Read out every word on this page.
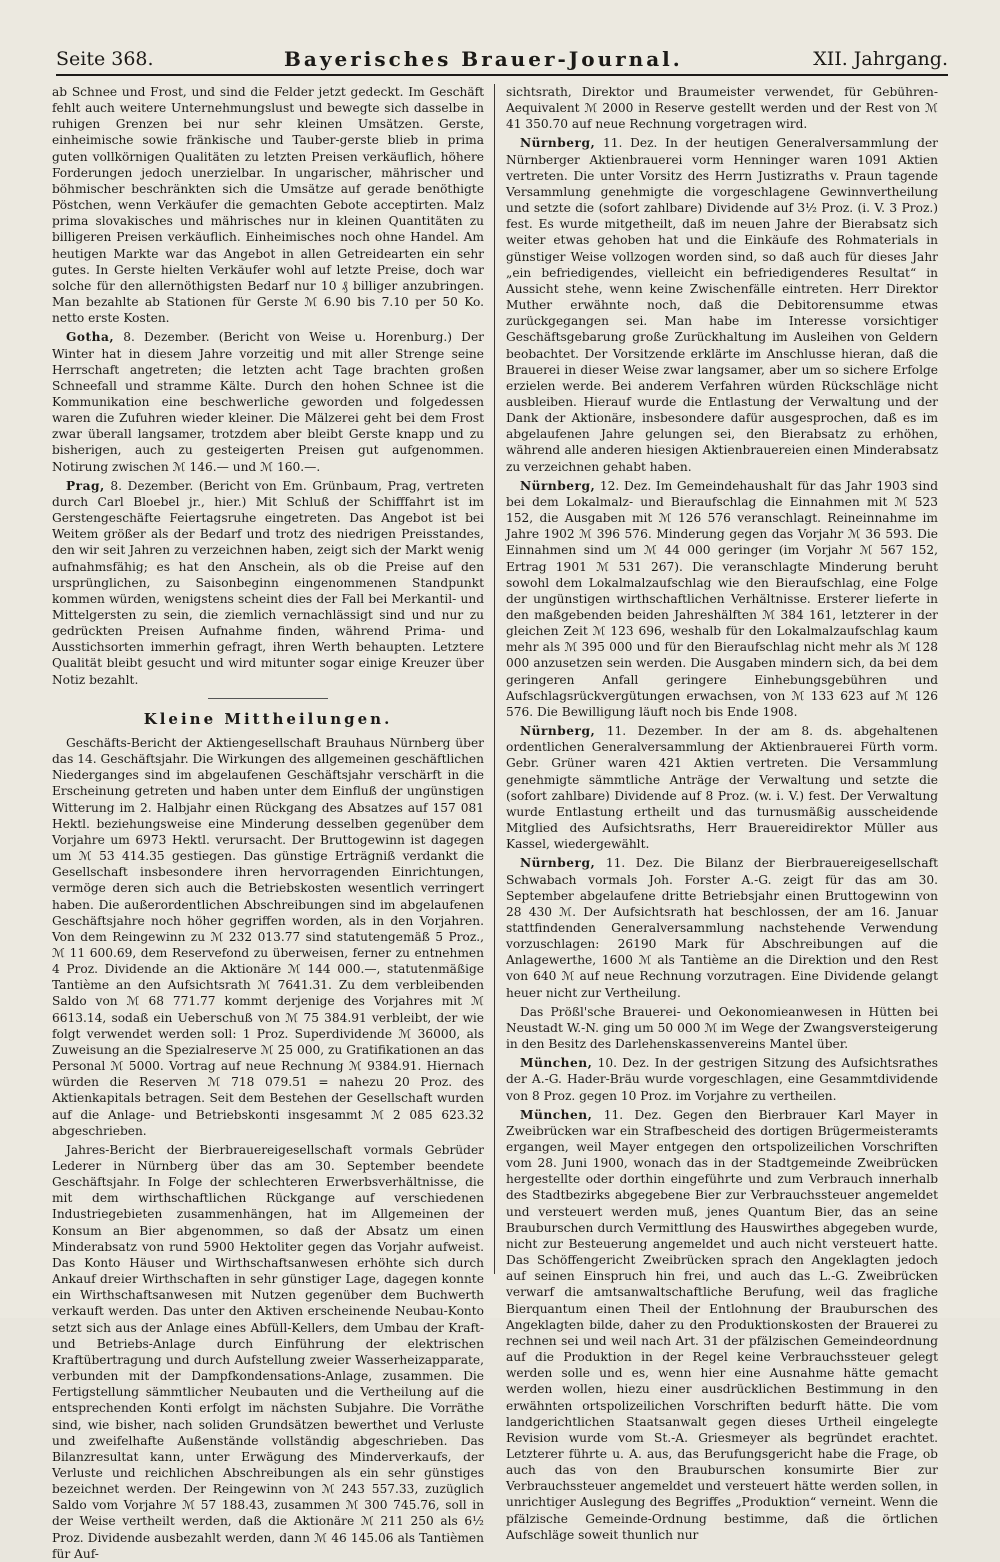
Seite 368.	Bayerisches Brauer-Journal.	XII. Jahrgang.

ab Schnee und Frost, und sind die Felder jetzt gedeckt. Im Geschäft fehlt auch weitere Unternehmungslust und bewegte sich dasselbe in ruhigen Grenzen bei nur sehr kleinen Umsätzen. Gerste, einheimische sowie fränkische und Tauber-gerste blieb in prima guten vollkörnigen Qualitäten zu letzten Preisen verkäuflich, höhere Forderungen jedoch unerzielbar. In ungarischer, mährischer und böhmischer beschränkten sich die Umsätze auf gerade benöthigte Pöstchen, wenn Verkäufer die gemachten Gebote acceptirten. Malz prima slovakisches und mährisches nur in kleinen Quantitäten zu billigeren Preisen verkäuflich. Einheimisches noch ohne Handel. Am heutigen Markte war das Angebot in allen Getreidearten ein sehr gutes. In Gerste hielten Verkäufer wohl auf letzte Preise, doch war solche für den allernöthigsten Bedarf nur 10 ₰ billiger anzubringen. Man bezahlte ab Stationen für Gerste ℳ 6.90 bis 7.10 per 50 Ko. netto erste Kosten.

Gotha, 8. Dezember. (Bericht von Weise u. Horenburg.) Der Winter hat in diesem Jahre vorzeitig und mit aller Strenge seine Herrschaft angetreten; die letzten acht Tage brachten großen Schneefall und stramme Kälte. Durch den hohen Schnee ist die Kommunikation eine beschwerliche geworden und folgedessen waren die Zufuhren wieder kleiner. Die Mälzerei geht bei dem Frost zwar überall langsamer, trotzdem aber bleibt Gerste knapp und zu bisherigen, auch zu gesteigerten Preisen gut aufgenommen. Notirung zwischen ℳ 146.— und ℳ 160.—.

Prag, 8. Dezember. (Bericht von Em. Grünbaum, Prag, vertreten durch Carl Bloebel jr., hier.) Mit Schluß der Schifffahrt ist im Gerstengeschäfte Feiertagsruhe eingetreten. Das Angebot ist bei Weitem größer als der Bedarf und trotz des niedrigen Preisstandes, den wir seit Jahren zu verzeichnen haben, zeigt sich der Markt wenig aufnahmsfähig; es hat den Anschein, als ob die Preise auf den ursprünglichen, zu Saisonbeginn eingenommenen Standpunkt kommen würden, wenigstens scheint dies der Fall bei Merkantil- und Mittelgersten zu sein, die ziemlich vernachlässigt sind und nur zu gedrückten Preisen Aufnahme finden, während Prima- und Ausstichsorten immerhin gefragt, ihren Werth behaupten. Letztere Qualität bleibt gesucht und wird mitunter sogar einige Kreuzer über Notiz bezahlt.

Kleine Mittheilungen.

Geschäfts-Bericht der Aktiengesellschaft Brauhaus Nürnberg über das 14. Geschäftsjahr. Die Wirkungen des allgemeinen geschäftlichen Niederganges sind im abgelaufenen Geschäftsjahr verschärft in die Erscheinung getreten und haben unter dem Einfluß der ungünstigen Witterung im 2. Halbjahr einen Rückgang des Absatzes auf 157 081 Hektl. beziehungsweise eine Minderung desselben gegenüber dem Vorjahre um 6973 Hektl. verursacht. Der Bruttogewinn ist dagegen um ℳ 53 414.35 gestiegen. Das günstige Erträgniß verdankt die Gesellschaft insbesondere ihren hervorragenden Einrichtungen, vermöge deren sich auch die Betriebskosten wesentlich verringert haben. Die außerordentlichen Abschreibungen sind im abgelaufenen Geschäftsjahre noch höher gegriffen worden, als in den Vorjahren. Von dem Reingewinn zu ℳ 232 013.77 sind statutengemäß 5 Proz., ℳ 11 600.69, dem Reservefond zu überweisen, ferner zu entnehmen 4 Proz. Dividende an die Aktionäre ℳ 144 000.—, statutenmäßige Tantième an den Aufsichtsrath ℳ 7641.31. Zu dem verbleibenden Saldo von ℳ 68 771.77 kommt derjenige des Vorjahres mit ℳ 6613.14, sodaß ein Ueberschuß von ℳ 75 384.91 verbleibt, der wie folgt verwendet werden soll: 1 Proz. Superdividende ℳ 36000, als Zuweisung an die Spezialreserve ℳ 25 000, zu Gratifikationen an das Personal ℳ 5000. Vortrag auf neue Rechnung ℳ 9384.91. Hiernach würden die Reserven ℳ 718 079.51 = nahezu 20 Proz. des Aktienkapitals betragen. Seit dem Bestehen der Gesellschaft wurden auf die Anlage- und Betriebskonti insgesammt ℳ 2 085 623.32 abgeschrieben.

Jahres-Bericht der Bierbrauereigesellschaft vormals Gebrüder Lederer in Nürnberg über das am 30. September beendete Geschäftsjahr. In Folge der schlechteren Erwerbsverhältnisse, die mit dem wirthschaftlichen Rückgange auf verschiedenen Industriegebieten zusammenhängen, hat im Allgemeinen der Konsum an Bier abgenommen, so daß der Absatz um einen Minderabsatz von rund 5900 Hektoliter gegen das Vorjahr aufweist. Das Konto Häuser und Wirthschaftsanwesen erhöhte sich durch Ankauf dreier Wirthschaften in sehr günstiger Lage, dagegen konnte ein Wirthschaftsanwesen mit Nutzen gegenüber dem Buchwerth verkauft werden. Das unter den Aktiven erscheinende Neubau-Konto setzt sich aus der Anlage eines Abfüll-Kellers, dem Umbau der Kraft- und Betriebs-Anlage durch Einführung der elektrischen Kraftübertragung und durch Aufstellung zweier Wasserheizapparate, verbunden mit der Dampfkondensations-Anlage, zusammen. Die Fertigstellung sämmtlicher Neubauten und die Vertheilung auf die entsprechenden Konti erfolgt im nächsten Subjahre. Die Vorräthe sind, wie bisher, nach soliden Grundsätzen bewerthet und Verluste und zweifelhafte Außenstände vollständig abgeschrieben. Das Bilanzresultat kann, unter Erwägung des Minderverkaufs, der Verluste und reichlichen Abschreibungen als ein sehr günstiges bezeichnet werden. Der Reingewinn von ℳ 243 557.33, zuzüglich Saldo vom Vorjahre ℳ 57 188.43, zusammen ℳ 300 745.76, soll in der Weise vertheilt werden, daß die Aktionäre ℳ 211 250 als 6½ Proz. Dividende ausbezahlt werden, dann ℳ 46 145.06 als Tantièmen für Auf-

sichtsrath, Direktor und Braumeister verwendet, für Gebühren-Aequivalent ℳ 2000 in Reserve gestellt werden und der Rest von ℳ 41 350.70 auf neue Rechnung vorgetragen wird.

Nürnberg, 11. Dez. In der heutigen Generalversammlung der Nürnberger Aktienbrauerei vorm Henninger waren 1091 Aktien vertreten. Die unter Vorsitz des Herrn Justizraths v. Praun tagende Versammlung genehmigte die vorgeschlagene Gewinnvertheilung und setzte die (sofort zahlbare) Dividende auf 3½ Proz. (i. V. 3 Proz.) fest. Es wurde mitgetheilt, daß im neuen Jahre der Bierabsatz sich weiter etwas gehoben hat und die Einkäufe des Rohmaterials in günstiger Weise vollzogen worden sind, so daß auch für dieses Jahr „ein befriedigendes, vielleicht ein befriedigenderes Resultat“ in Aussicht stehe, wenn keine Zwischenfälle eintreten. Herr Direktor Muther erwähnte noch, daß die Debitorensumme etwas zurückgegangen sei. Man habe im Interesse vorsichtiger Geschäftsgebarung große Zurückhaltung im Ausleihen von Geldern beobachtet. Der Vorsitzende erklärte im Anschlusse hieran, daß die Brauerei in dieser Weise zwar langsamer, aber um so sichere Erfolge erzielen werde. Bei anderem Verfahren würden Rückschläge nicht ausbleiben. Hierauf wurde die Entlastung der Verwaltung und der Dank der Aktionäre, insbesondere dafür ausgesprochen, daß es im abgelaufenen Jahre gelungen sei, den Bierabsatz zu erhöhen, während alle anderen hiesigen Aktienbrauereien einen Minderabsatz zu verzeichnen gehabt haben.

Nürnberg, 12. Dez. Im Gemeindehaushalt für das Jahr 1903 sind bei dem Lokalmalz- und Bieraufschlag die Einnahmen mit ℳ 523 152, die Ausgaben mit ℳ 126 576 veranschlagt. Reineinnahme im Jahre 1902 ℳ 396 576. Minderung gegen das Vorjahr ℳ 36 593. Die Einnahmen sind um ℳ 44 000 geringer (im Vorjahr ℳ 567 152, Ertrag 1901 ℳ 531 267). Die veranschlagte Minderung beruht sowohl dem Lokalmalzaufschlag wie den Bieraufschlag, eine Folge der ungünstigen wirthschaftlichen Verhältnisse. Ersterer lieferte in den maßgebenden beiden Jahreshälften ℳ 384 161, letzterer in der gleichen Zeit ℳ 123 696, weshalb für den Lokalmalzaufschlag kaum mehr als ℳ 395 000 und für den Bieraufschlag nicht mehr als ℳ 128 000 anzusetzen sein werden. Die Ausgaben mindern sich, da bei dem geringeren Anfall geringere Einhebungsgebühren und Aufschlagsrückvergütungen erwachsen, von ℳ 133 623 auf ℳ 126 576. Die Bewilligung läuft noch bis Ende 1908.

Nürnberg, 11. Dezember. In der am 8. ds. abgehaltenen ordentlichen Generalversammlung der Aktienbrauerei Fürth vorm. Gebr. Grüner waren 421 Aktien vertreten. Die Versammlung genehmigte sämmtliche Anträge der Verwaltung und setzte die (sofort zahlbare) Dividende auf 8 Proz. (w. i. V.) fest. Der Verwaltung wurde Entlastung ertheilt und das turnusmäßig ausscheidende Mitglied des Aufsichtsraths, Herr Brauereidirektor Müller aus Kassel, wiedergewählt.

Nürnberg, 11. Dez. Die Bilanz der Bierbrauereigesellschaft Schwabach vormals Joh. Forster A.-G. zeigt für das am 30. September abgelaufene dritte Betriebsjahr einen Bruttogewinn von 28 430 ℳ. Der Aufsichtsrath hat beschlossen, der am 16. Januar stattfindenden Generalversammlung nachstehende Verwendung vorzuschlagen: 26190 Mark für Abschreibungen auf die Anlagewerthe, 1600 ℳ als Tantième an die Direktion und den Rest von 640 ℳ auf neue Rechnung vorzutragen. Eine Dividende gelangt heuer nicht zur Vertheilung.

Das Prößl'sche Brauerei- und Oekonomieanwesen in Hütten bei Neustadt W.-N. ging um 50 000 ℳ im Wege der Zwangsversteigerung in den Besitz des Darlehenskassenvereins Mantel über.

München, 10. Dez. In der gestrigen Sitzung des Aufsichtsrathes der A.-G. Hader-Bräu wurde vorgeschlagen, eine Gesammtdividende von 8 Proz. gegen 10 Proz. im Vorjahre zu vertheilen.

München, 11. Dez. Gegen den Bierbrauer Karl Mayer in Zweibrücken war ein Strafbescheid des dortigen Brügermeisteramts ergangen, weil Mayer entgegen den ortspolizeilichen Vorschriften vom 28. Juni 1900, wonach das in der Stadtgemeinde Zweibrücken hergestellte oder dorthin eingeführte und zum Verbrauch innerhalb des Stadtbezirks abgegebene Bier zur Verbrauchssteuer angemeldet und versteuert werden muß, jenes Quantum Bier, das an seine Brauburschen durch Vermittlung des Hauswirthes abgegeben wurde, nicht zur Besteuerung angemeldet und auch nicht versteuert hatte. Das Schöffengericht Zweibrücken sprach den Angeklagten jedoch auf seinen Einspruch hin frei, und auch das L.-G. Zweibrücken verwarf die amtsanwaltschaftliche Berufung, weil das fragliche Bierquantum einen Theil der Entlohnung der Brauburschen des Angeklagten bilde, daher zu den Produktionskosten der Brauerei zu rechnen sei und weil nach Art. 31 der pfälzischen Gemeindeordnung auf die Produktion in der Regel keine Verbrauchssteuer gelegt werden solle und es, wenn hier eine Ausnahme hätte gemacht werden wollen, hiezu einer ausdrücklichen Bestimmung in den erwähnten ortspolizeilichen Vorschriften bedurft hätte. Die vom landgerichtlichen Staatsanwalt gegen dieses Urtheil eingelegte Revision wurde vom St.-A. Griesmeyer als begründet erachtet. Letzterer führte u. A. aus, das Berufungsgericht habe die Frage, ob auch das von den Brauburschen konsumirte Bier zur Verbrauchssteuer angemeldet und versteuert hätte werden sollen, in unrichtiger Auslegung des Begriffes „Produktion“ verneint. Wenn die pfälzische Gemeinde-Ordnung bestimme, daß die örtlichen Aufschläge soweit thunlich nur
